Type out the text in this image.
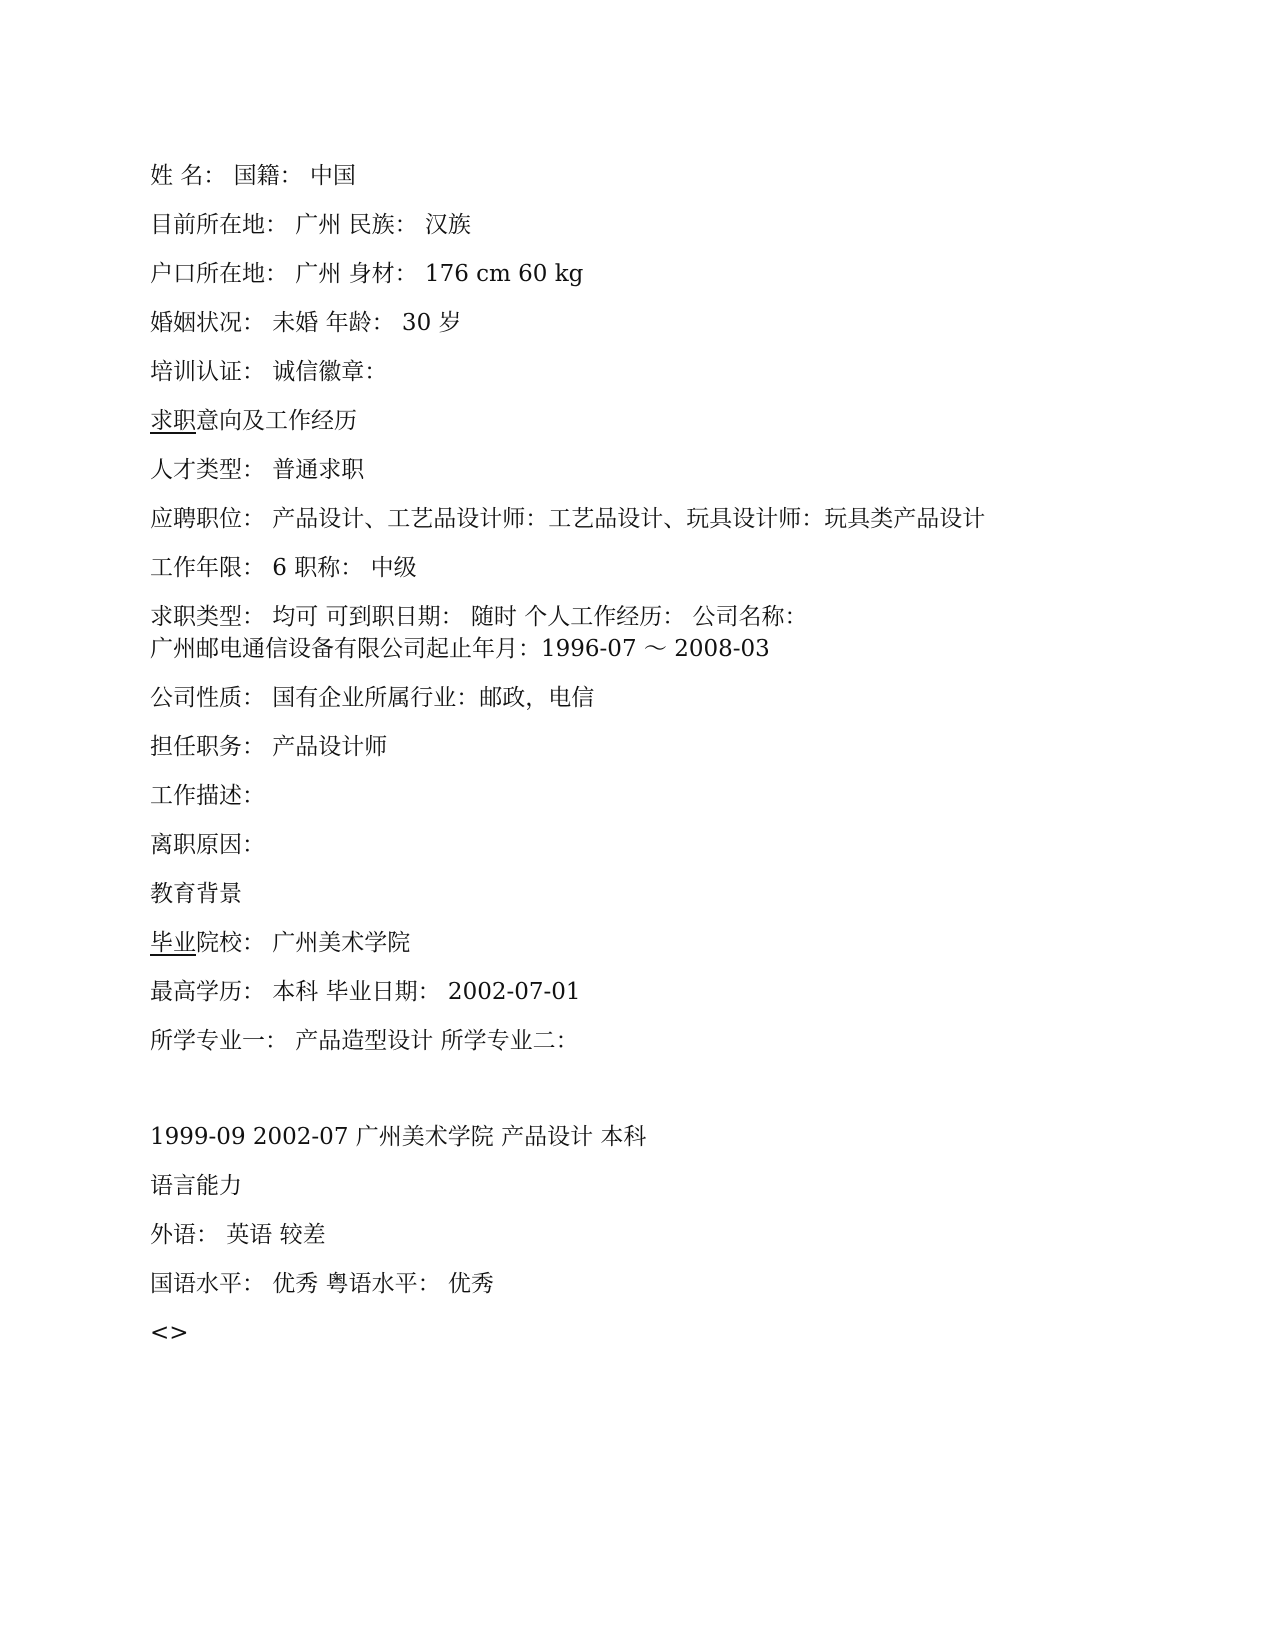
姓 名： 国籍： 中国
目前所在地： 广州 民族： 汉族
户口所在地： 广州 身材： 176 cm 60 kg
婚姻状况： 未婚 年龄： 30 岁
培训认证： 诚信徽章：
求职意向及工作经历
人才类型： 普通求职
应聘职位： 产品设计、工艺品设计师：工艺品设计、玩具设计师：玩具类产品设计
工作年限： 6 职称： 中级
求职类型： 均可 可到职日期： 随时 个人工作经历： 公司名称：
广州邮电通信设备有限公司起止年月：1996-07 ～ 2008-03
公司性质： 国有企业所属行业：邮政，电信
担任职务： 产品设计师
工作描述：
离职原因：
教育背景
毕业院校： 广州美术学院
最高学历： 本科 毕业日期： 2002-07-01
所学专业一： 产品造型设计 所学专业二：
1999-09 2002-07 广州美术学院 产品设计 本科
语言能力
外语： 英语 较差
国语水平： 优秀 粤语水平： 优秀
<>
